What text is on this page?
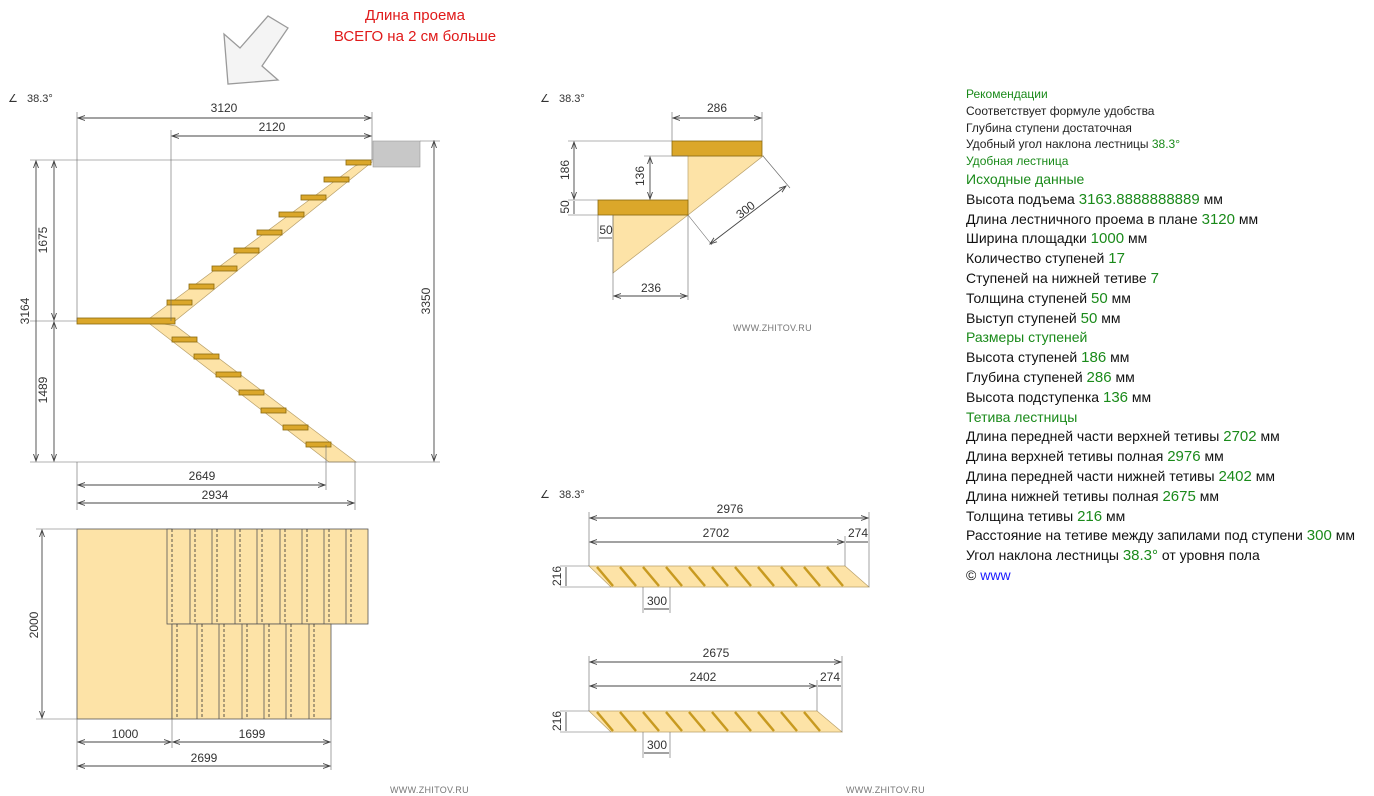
Длина проема
ВСЕГО на 2 см больше
∠ 38.3°
3120
2120
3164
1675
1489
3350
2649
2934
2000
1000	1699
2699
∠ 38.3°
286
186
50
136
50
236
300
WWW.ZHITOV.RU
∠ 38.3°
2976
2702	274
216
300
2675
2402	274
216
300
WWW.ZHITOV.RU	WWW.ZHITOV.RU
Рекомендации
Соответствует формуле удобства
Глубина ступени достаточная
Удобный угол наклона лестницы 38.3°
Удобная лестница
Исходные данные
Высота подъема 3163.8888888889 мм
Длина лестничного проема в плане 3120 мм
Ширина площадки 1000 мм
Количество ступеней 17
Ступеней на нижней тетиве 7
Толщина ступеней 50 мм
Выступ ступеней 50 мм
Размеры ступеней
Высота ступеней 186 мм
Глубина ступеней 286 мм
Высота подступенка 136 мм
Тетива лестницы
Длина передней части верхней тетивы 2702 мм
Длина верхней тетивы полная 2976 мм
Длина передней части нижней тетивы 2402 мм
Длина нижней тетивы полная 2675 мм
Толщина тетивы 216 мм
Расстояние на тетиве между запилами под ступени 300 мм
Угол наклона лестницы 38.3° от уровня пола
© www
